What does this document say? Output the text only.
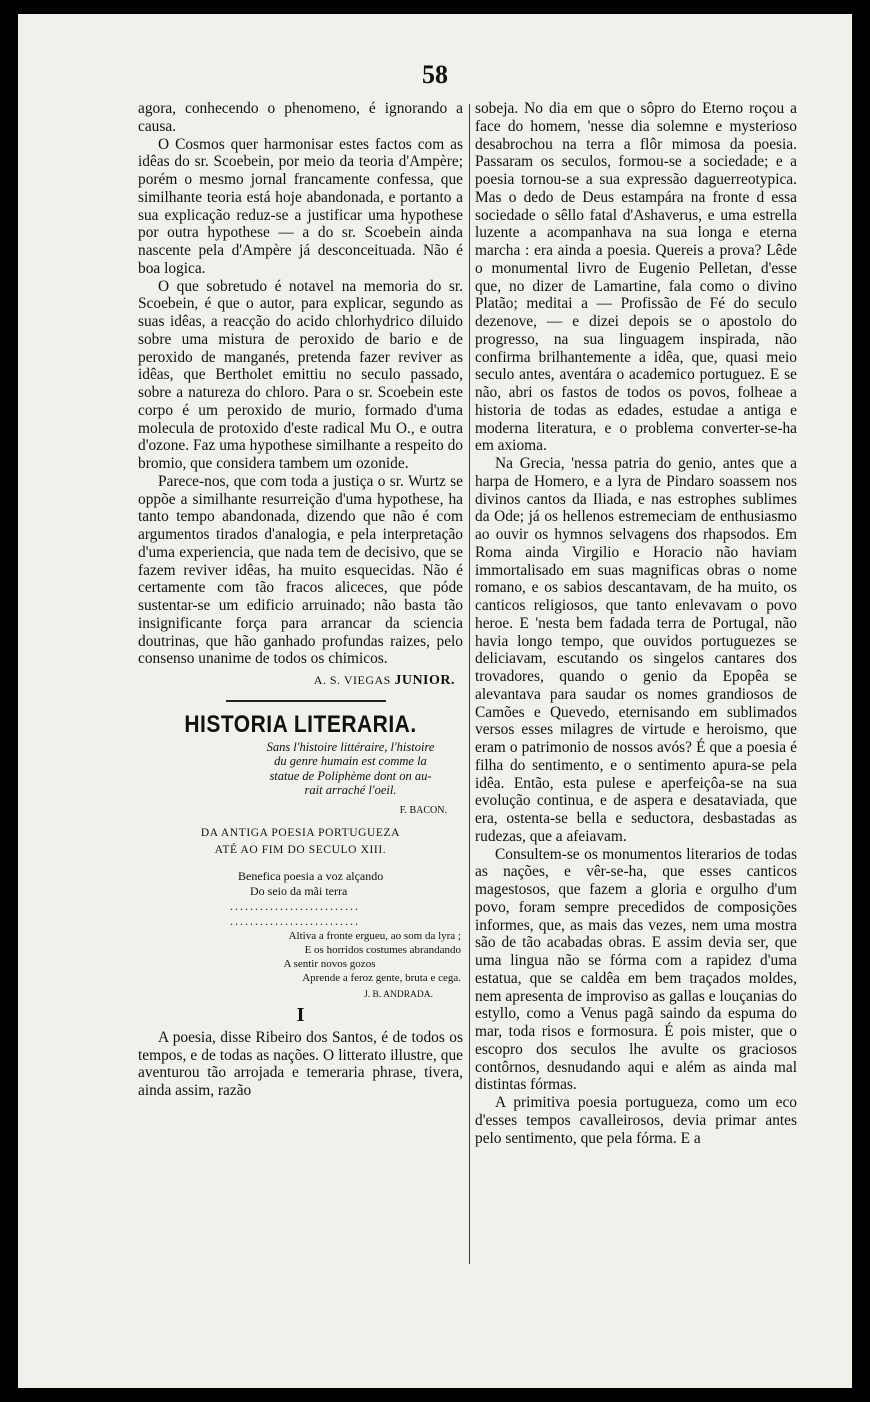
58

agora, conhecendo o phenomeno, é ignorando a causa.

O Cosmos quer harmonisar estes factos com as idêas do sr. Scoebein, por meio da teoria d'Ampère; porém o mesmo jornal francamente confessa, que similhante teoria está hoje abandonada, e portanto a sua explicação reduz-se a justificar uma hypothese por outra hypothese — a do sr. Scoebein ainda nascente pela d'Ampère já desconceituada. Não é boa logica.

O que sobretudo é notavel na memoria do sr. Scoebein, é que o autor, para explicar, segundo as suas idêas, a reacção do acido chlorhydrico diluido sobre uma mistura de peroxido de bario e de peroxido de manganés, pretenda fazer reviver as idêas, que Bertholet emittiu no seculo passado, sobre a natureza do chloro. Para o sr. Scoebein este corpo é um peroxido de murio, formado d'uma molecula de protoxido d'este radical Mu O., e outra d'ozone. Faz uma hypothese similhante a respeito do bromio, que considera tambem um ozonide.

Parece-nos, que com toda a justiça o sr. Wurtz se oppõe a similhante resurreição d'uma hypothese, ha tanto tempo abandonada, dizendo que não é com argumentos tirados d'analogia, e pela interpretação d'uma experiencia, que nada tem de decisivo, que se fazem reviver idêas, ha muito esquecidas. Não é certamente com tão fracos aliceces, que póde sustentar-se um edificio arruinado; não basta tão insignificante força para arrancar da sciencia doutrinas, que hão ganhado profundas raizes, pelo consenso unanime de todos os chimicos.

A. S. VIEGAS JUNIOR.
HISTORIA LITERARIA.
Sans l'histoire littéraire, l'histoire
du genre humain est comme la
statue de Poliphème dont on au-
rait arraché l'oeil.
F. BACON.
DA ANTIGA POESIA PORTUGUEZA
ATÉ AO FIM DO SECULO XIII.

Benefica poesia a voz alçando

Do seio da mãi terra

..........................

..........................

Altiva a fronte ergueu, ao som da lyra ;

E os horridos costumes abrandando

A sentir novos gozos

Aprende a feroz gente, bruta e cega.

J. B. ANDRADA.
I

A poesia, disse Ribeiro dos Santos, é de todos os tempos, e de todas as nações. O litterato illustre, que aventurou tão arrojada e temeraria phrase, tivera, ainda assim, razão

sobeja. No dia em que o sôpro do Eterno roçou a face do homem, 'nesse dia solemne e mysterioso desabrochou na terra a flôr mimosa da poesia. Passaram os seculos, formou-se a sociedade; e a poesia tornou-se a sua expressão daguerreotypica. Mas o dedo de Deus estampára na fronte d essa sociedade o sêllo fatal d'Ashaverus, e uma estrella luzente a acompanhava na sua longa e eterna marcha : era ainda a poesia. Quereis a prova? Lêde o monumental livro de Eugenio Pelletan, d'esse que, no dizer de Lamartine, fala como o divino Platão; meditai a — Profissão de Fé do seculo dezenove, — e dizei depois se o apostolo do progresso, na sua linguagem inspirada, não confirma brilhantemente a idêa, que, quasi meio seculo antes, aventára o academico portuguez. E se não, abri os fastos de todos os povos, folheae a historia de todas as edades, estudae a antiga e moderna literatura, e o problema converter-se-ha em axioma.

Na Grecia, 'nessa patria do genio, antes que a harpa de Homero, e a lyra de Pindaro soassem nos divinos cantos da Iliada, e nas estrophes sublimes da Ode; já os hellenos estremeciam de enthusiasmo ao ouvir os hymnos selvagens dos rhapsodos. Em Roma ainda Virgilio e Horacio não haviam immortalisado em suas magnificas obras o nome romano, e os sabios descantavam, de ha muito, os canticos religiosos, que tanto enlevavam o povo heroe. E 'nesta bem fadada terra de Portugal, não havia longo tempo, que ouvidos portuguezes se deliciavam, escutando os singelos cantares dos trovadores, quando o genio da Epopêa se alevantava para saudar os nomes grandiosos de Camões e Quevedo, eternisando em sublimados versos esses milagres de virtude e heroismo, que eram o patrimonio de nossos avós? É que a poesia é filha do sentimento, e o sentimento apura-se pela idêa. Então, esta pulese e aperfeiçôa-se na sua evolução continua, e de aspera e desataviada, que era, ostenta-se bella e seductora, desbastadas as rudezas, que a afeiavam.

Consultem-se os monumentos literarios de todas as nações, e vêr-se-ha, que esses canticos magestosos, que fazem a gloria e orgulho d'um povo, foram sempre precedidos de composições informes, que, as mais das vezes, nem uma mostra são de tão acabadas obras. E assim devia ser, que uma lingua não se fórma com a rapidez d'uma estatua, que se caldêa em bem traçados moldes, nem apresenta de improviso as gallas e louçanias do estyllo, como a Venus pagã saindo da espuma do mar, toda risos e formosura. É pois mister, que o escopro dos seculos lhe avulte os graciosos contôrnos, desnudando aqui e além as ainda mal distintas fórmas.

A primitiva poesia portugueza, como um eco d'esses tempos cavalleirosos, devia primar antes pelo sentimento, que pela fórma. E a
